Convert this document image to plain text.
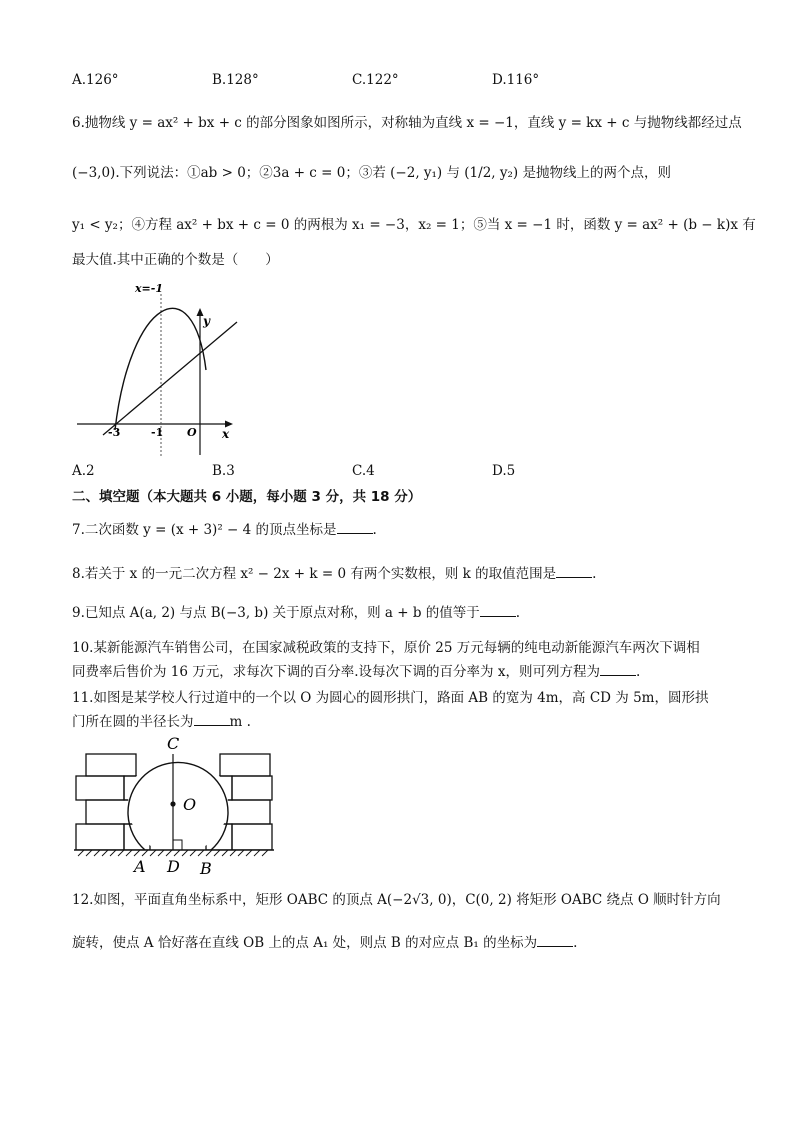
A.126°	B.128°	C.122°	D.116°
6.抛物线 y = ax² + bx + c 的部分图象如图所示，对称轴为直线 x = −1，直线 y = kx + c 与抛物线都经过点
(−3,0).下列说法：①ab > 0；②3a + c = 0；③若 (−2, y₁) 与 (1/2, y₂) 是抛物线上的两个点，则
y₁ < y₂；④方程 ax² + bx + c = 0 的两根为 x₁ = −3，x₂ = 1；⑤当 x = −1 时，函数 y = ax² + (b − k)x 有
最大值.其中正确的个数是（　　）
x=-1
y
x
-3	-1 O
A.2	B.3	C.4	D.5
二、填空题（本大题共 6 小题，每小题 3 分，共 18 分）
7.二次函数 y = (x + 3)² − 4 的顶点坐标是	.
8.若关于 x 的一元二次方程 x² − 2x + k = 0 有两个实数根，则 k 的取值范围是	.
9.已知点 A(a, 2) 与点 B(−3, b) 关于原点对称，则 a + b 的值等于	.
10.某新能源汽车销售公司，在国家减税政策的支持下，原价 25 万元每辆的纯电动新能源汽车两次下调相
同费率后售价为 16 万元，求每次下调的百分率.设每次下调的百分率为 x，则可列方程为	.
11.如图是某学校人行过道中的一个以 O 为圆心的圆形拱门，路面 AB 的宽为 4m，高 CD 为 5m，圆形拱
门所在圆的半径长为	m .
C
O
A D B
12.如图，平面直角坐标系中，矩形 OABC 的顶点 A(−2√3, 0)，C(0, 2) 将矩形 OABC 绕点 O 顺时针方向
旋转，使点 A 恰好落在直线 OB 上的点 A₁ 处，则点 B 的对应点 B₁ 的坐标为	.
